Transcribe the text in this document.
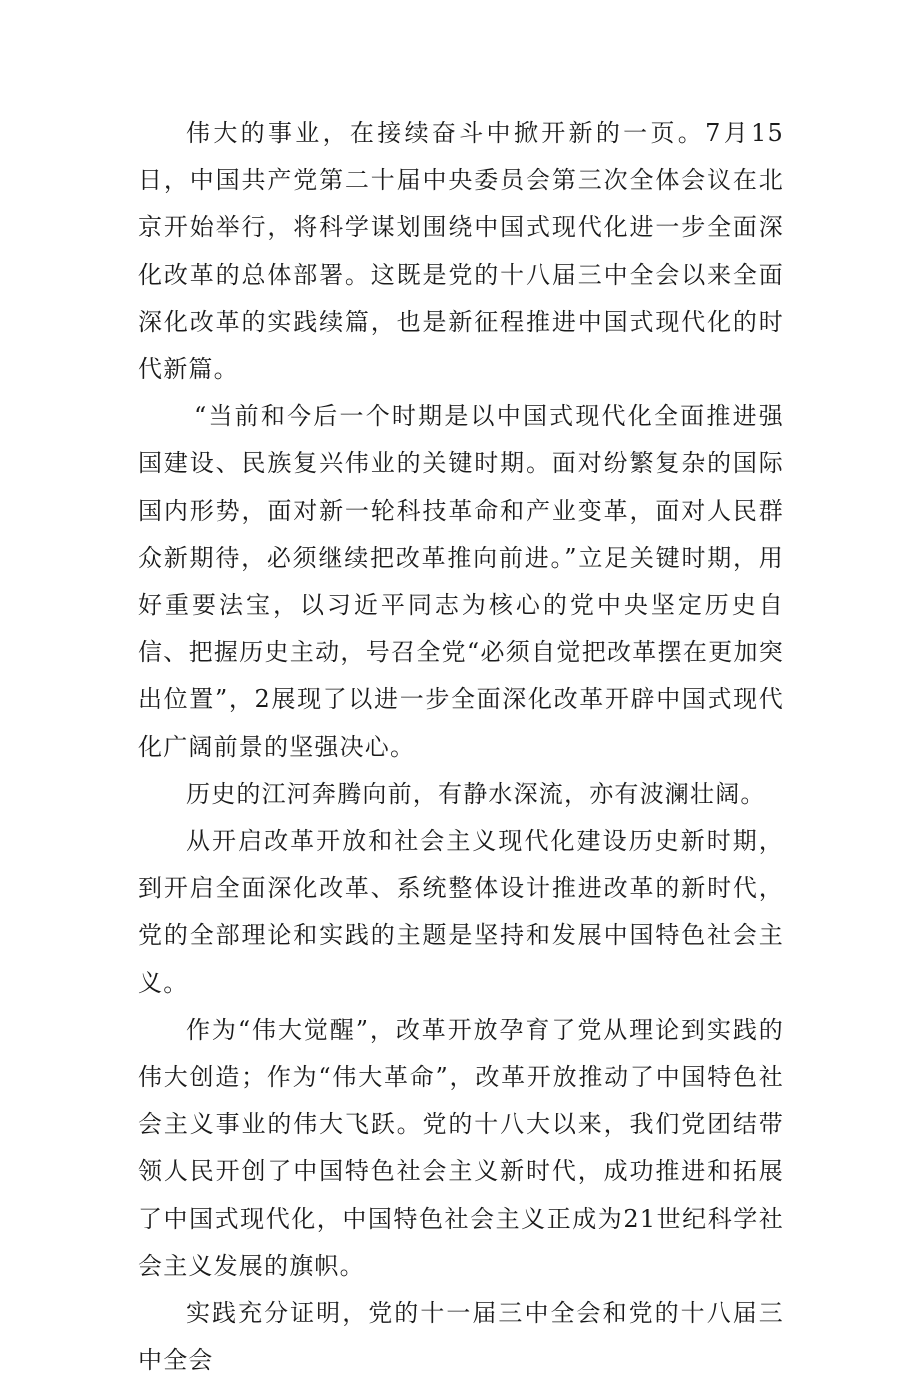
伟大的事业，在接续奋斗中掀开新的一页。7月15日，中国共产党第二十届中央委员会第三次全体会议在北京开始举行，将科学谋划围绕中国式现代化进一步全面深化改革的总体部署。这既是党的十八届三中全会以来全面深化改革的实践续篇，也是新征程推进中国式现代化的时代新篇。

“当前和今后一个时期是以中国式现代化全面推进强国建设、民族复兴伟业的关键时期。面对纷繁复杂的国际国内形势，面对新一轮科技革命和产业变革，面对人民群众新期待，必须继续把改革推向前进。”立足关键时期，用好重要法宝，以习近平同志为核心的党中央坚定历史自信、把握历史主动，号召全党“必须自觉把改革摆在更加突出位置”，2展现了以进一步全面深化改革开辟中国式现代化广阔前景的坚强决心。

历史的江河奔腾向前，有静水深流，亦有波澜壮阔。

从开启改革开放和社会主义现代化建设历史新时期，到开启全面深化改革、系统整体设计推进改革的新时代，党的全部理论和实践的主题是坚持和发展中国特色社会主义。

作为“伟大觉醒”，改革开放孕育了党从理论到实践的伟大创造；作为“伟大革命”，改革开放推动了中国特色社会主义事业的伟大飞跃。党的十八大以来，我们党团结带领人民开创了中国特色社会主义新时代，成功推进和拓展了中国式现代化，中国特色社会主义正成为21世纪科学社会主义发展的旗帜。

实践充分证明，党的十一届三中全会和党的十八届三中全会
